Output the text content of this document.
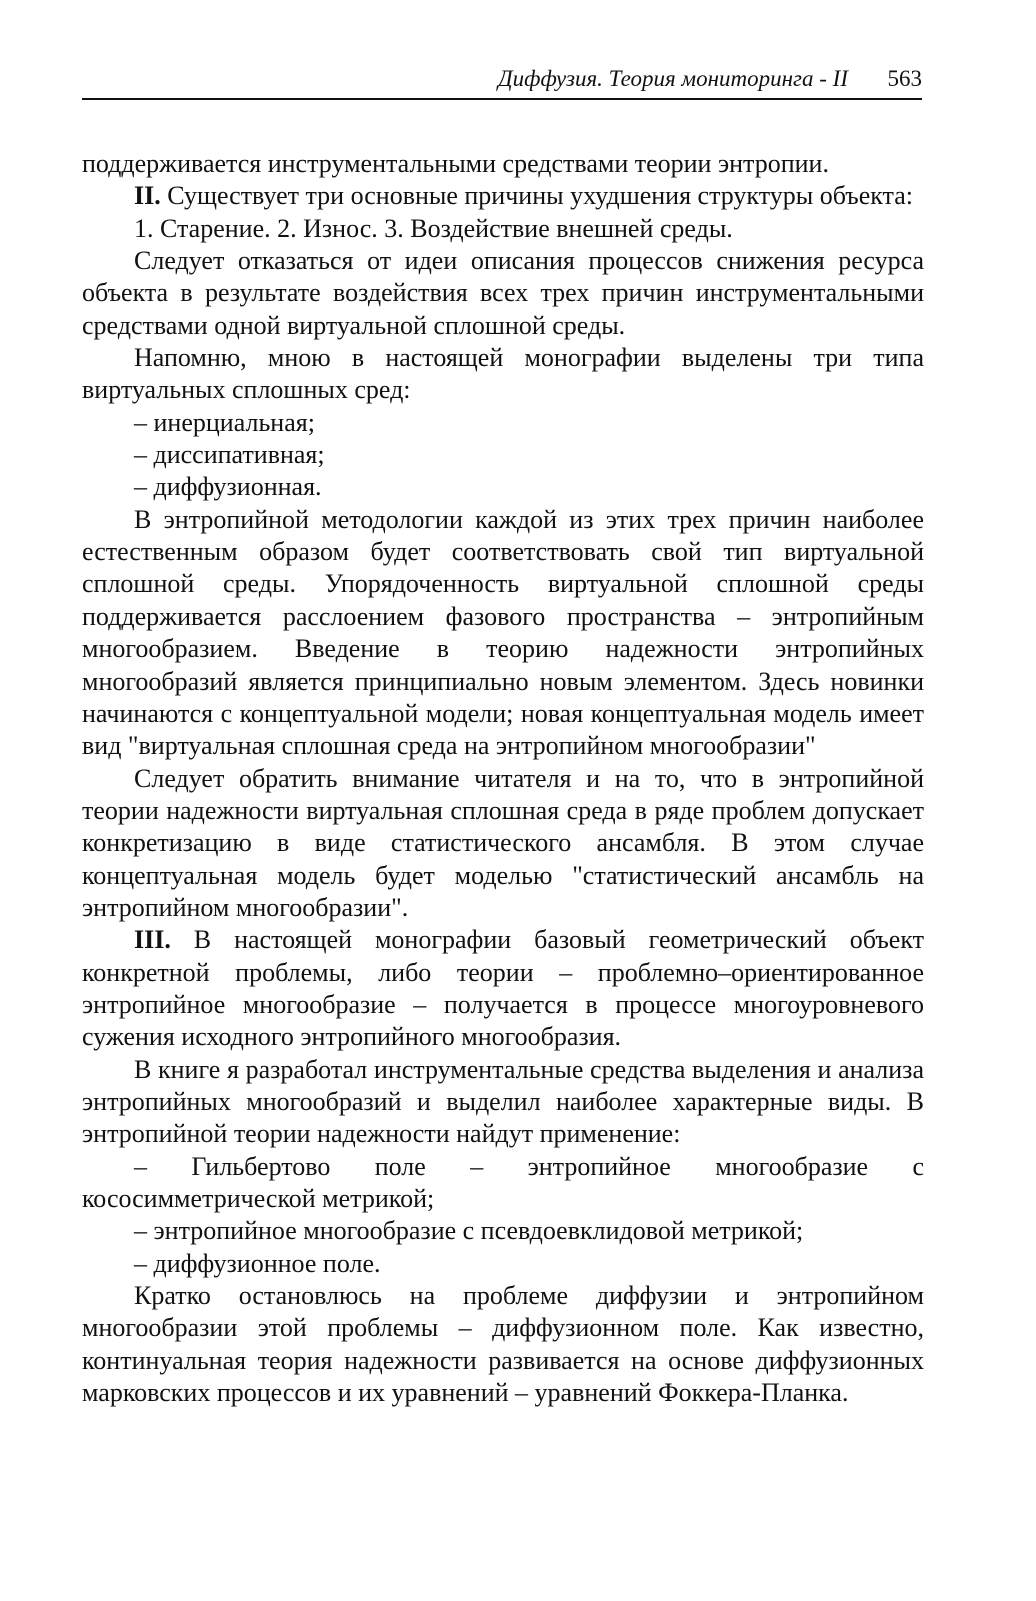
Диффузия. Теория мониторинга - II 563

поддерживается инструментальными средствами теории энтропии.

II. Существует три основные причины ухудшения структуры объекта:

1. Старение. 2. Износ. 3. Воздействие внешней среды.

Следует отказаться от идеи описания процессов снижения ресурса объекта в результате воздействия всех трех причин инструментальными средствами одной виртуальной сплошной среды.

Напомню, мною в настоящей монографии выделены три типа виртуальных сплошных сред:

– инерциальная;

– диссипативная;

– диффузионная.

В энтропийной методологии каждой из этих трех причин наиболее естественным образом будет соответствовать свой тип виртуальной сплошной среды. Упорядоченность виртуальной сплошной среды поддерживается расслоением фазового пространства – энтропийным многообразием. Введение в теорию надежности энтропийных многообразий является принципиально новым элементом. Здесь новинки начинаются с концептуальной модели; новая концептуальная модель имеет вид "виртуальная сплошная среда на энтропийном многообразии"

Следует обратить внимание читателя и на то, что в энтропийной теории надежности виртуальная сплошная среда в ряде проблем допускает конкретизацию в виде статистического ансамбля. В этом случае концептуальная модель будет моделью "статистический ансамбль на энтропийном многообразии".

III. В настоящей монографии базовый геометрический объект конкретной проблемы, либо теории – проблемно–ориентированное энтропийное многообразие – получается в процессе многоуровневого сужения исходного энтропийного многообразия.

В книге я разработал инструментальные средства выделения и анализа энтропийных многообразий и выделил наиболее характерные виды. В энтропийной теории надежности найдут применение:

– Гильбертово поле – энтропийное многообразие с кососимметрической метрикой;

– энтропийное многообразие с псевдоевклидовой метрикой;

– диффузионное поле.

Кратко остановлюсь на проблеме диффузии и энтропийном многообразии этой проблемы – диффузионном поле. Как известно, континуальная теория надежности развивается на основе диффузионных марковских процессов и их уравнений – уравнений Фоккера-Планка.
